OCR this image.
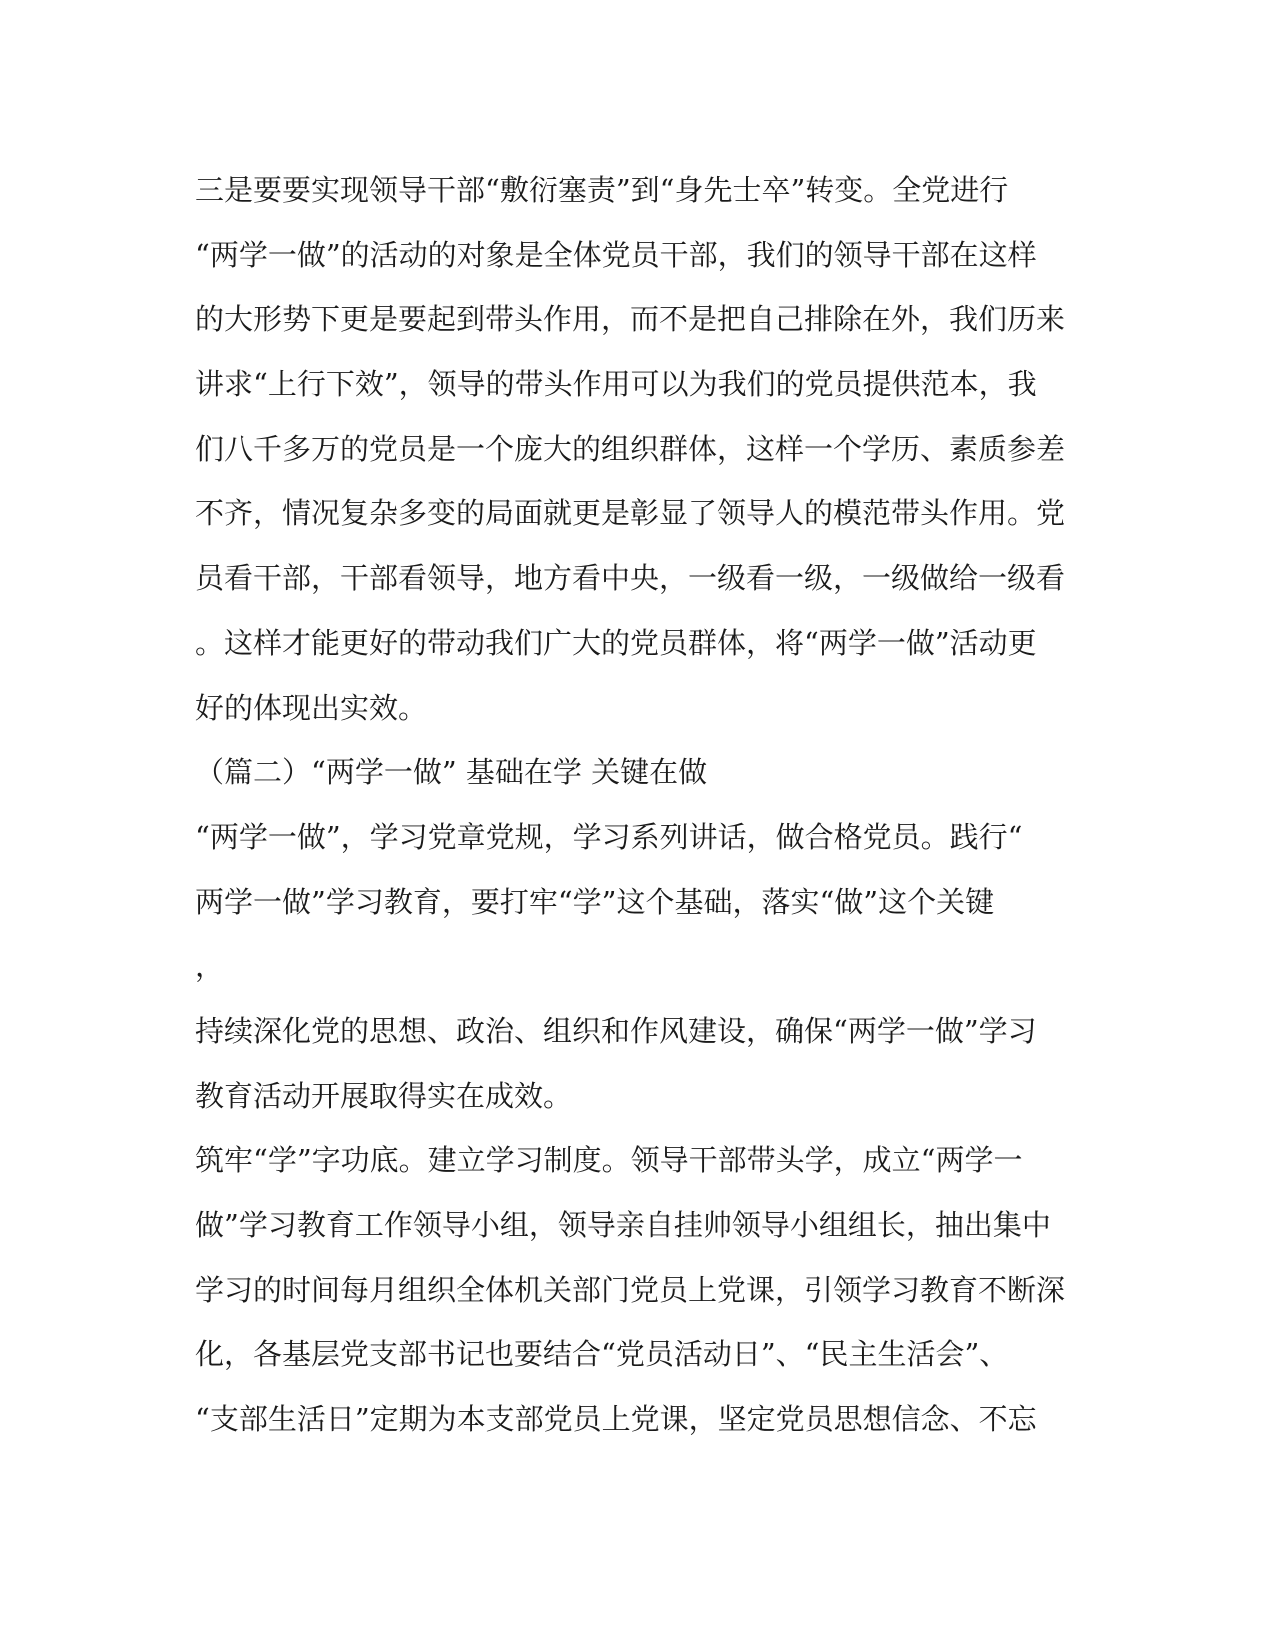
三是要要实现领导干部“敷衍塞责”到“身先士卒”转变。全党进行
“两学一做”的活动的对象是全体党员干部，我们的领导干部在这样
的大形势下更是要起到带头作用，而不是把自己排除在外，我们历来
讲求“上行下效”，领导的带头作用可以为我们的党员提供范本，我
们八千多万的党员是一个庞大的组织群体，这样一个学历、素质参差
不齐，情况复杂多变的局面就更是彰显了领导人的模范带头作用。党
员看干部，干部看领导，地方看中央，一级看一级，一级做给一级看
。这样才能更好的带动我们广大的党员群体，将“两学一做”活动更
好的体现出实效。
（篇二）“两学一做” 基础在学 关键在做
“两学一做”，学习党章党规，学习系列讲话，做合格党员。践行“
两学一做”学习教育，要打牢“学”这个基础，落实“做”这个关键
，
持续深化党的思想、政治、组织和作风建设，确保“两学一做”学习
教育活动开展取得实在成效。
筑牢“学”字功底。建立学习制度。领导干部带头学，成立“两学一
做”学习教育工作领导小组，领导亲自挂帅领导小组组长，抽出集中
学习的时间每月组织全体机关部门党员上党课，引领学习教育不断深
化，各基层党支部书记也要结合“党员活动日”、“民主生活会”、
“支部生活日”定期为本支部党员上党课，坚定党员思想信念、不忘
